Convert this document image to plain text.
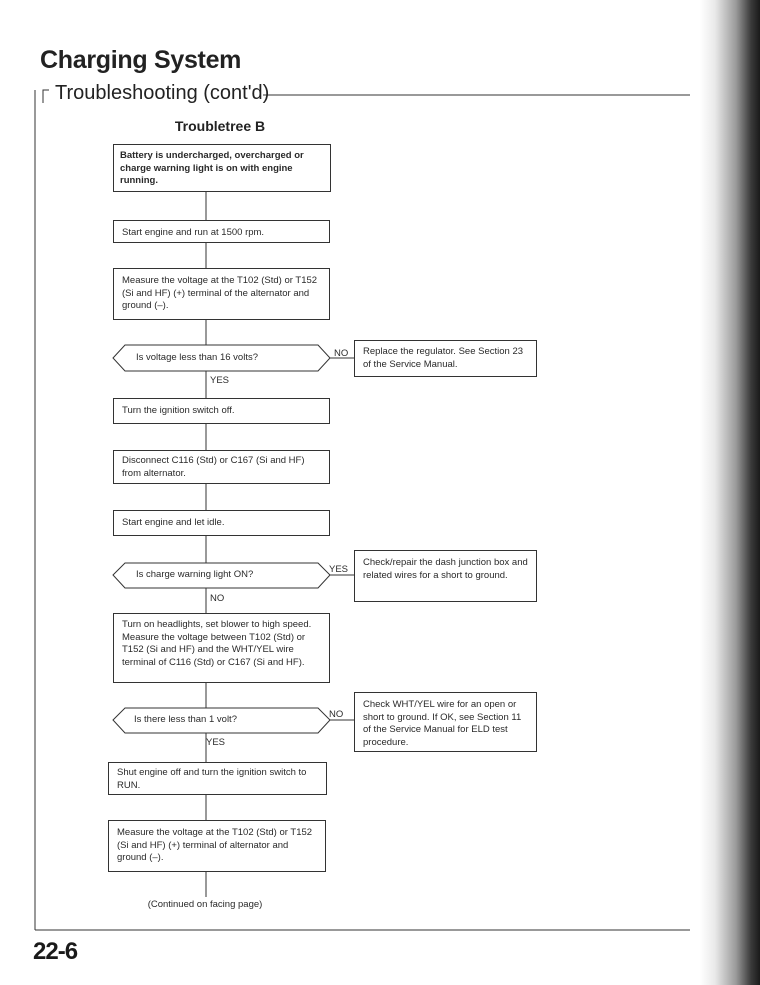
Charging System
Troubleshooting (cont'd)
Troubletree B
Battery is undercharged, overcharged or charge warning light is on with engine running.
Start engine and run at 1500 rpm.
Measure the voltage at the T102 (Std) or T152 (Si and HF) (+) terminal of the alternator and ground (–).
Turn the ignition switch off.
Disconnect C116 (Std) or C167 (Si and HF) from alternator.
Start engine and let idle.
Turn on headlights, set blower to high speed. Measure the voltage between T102 (Std) or T152 (Si and HF) and the WHT/YEL wire terminal of C116 (Std) or C167 (Si and HF).
Shut engine off and turn the ignition switch to RUN.
Measure the voltage at the T102 (Std) or T152 (Si and HF) (+) terminal of alternator and ground (–).
Is voltage less than 16 volts?
Is charge warning light ON?
Is there less than 1 volt?
NO
YES
YES
NO
NO
YES
Replace the regulator. See Section 23 of the Service Manual.
Check/repair the dash junction box and related wires for a short to ground.
Check WHT/YEL wire for an open or short to ground. If OK, see Section 11 of the Service Manual for ELD test procedure.
(Continued on facing page)
22-6
